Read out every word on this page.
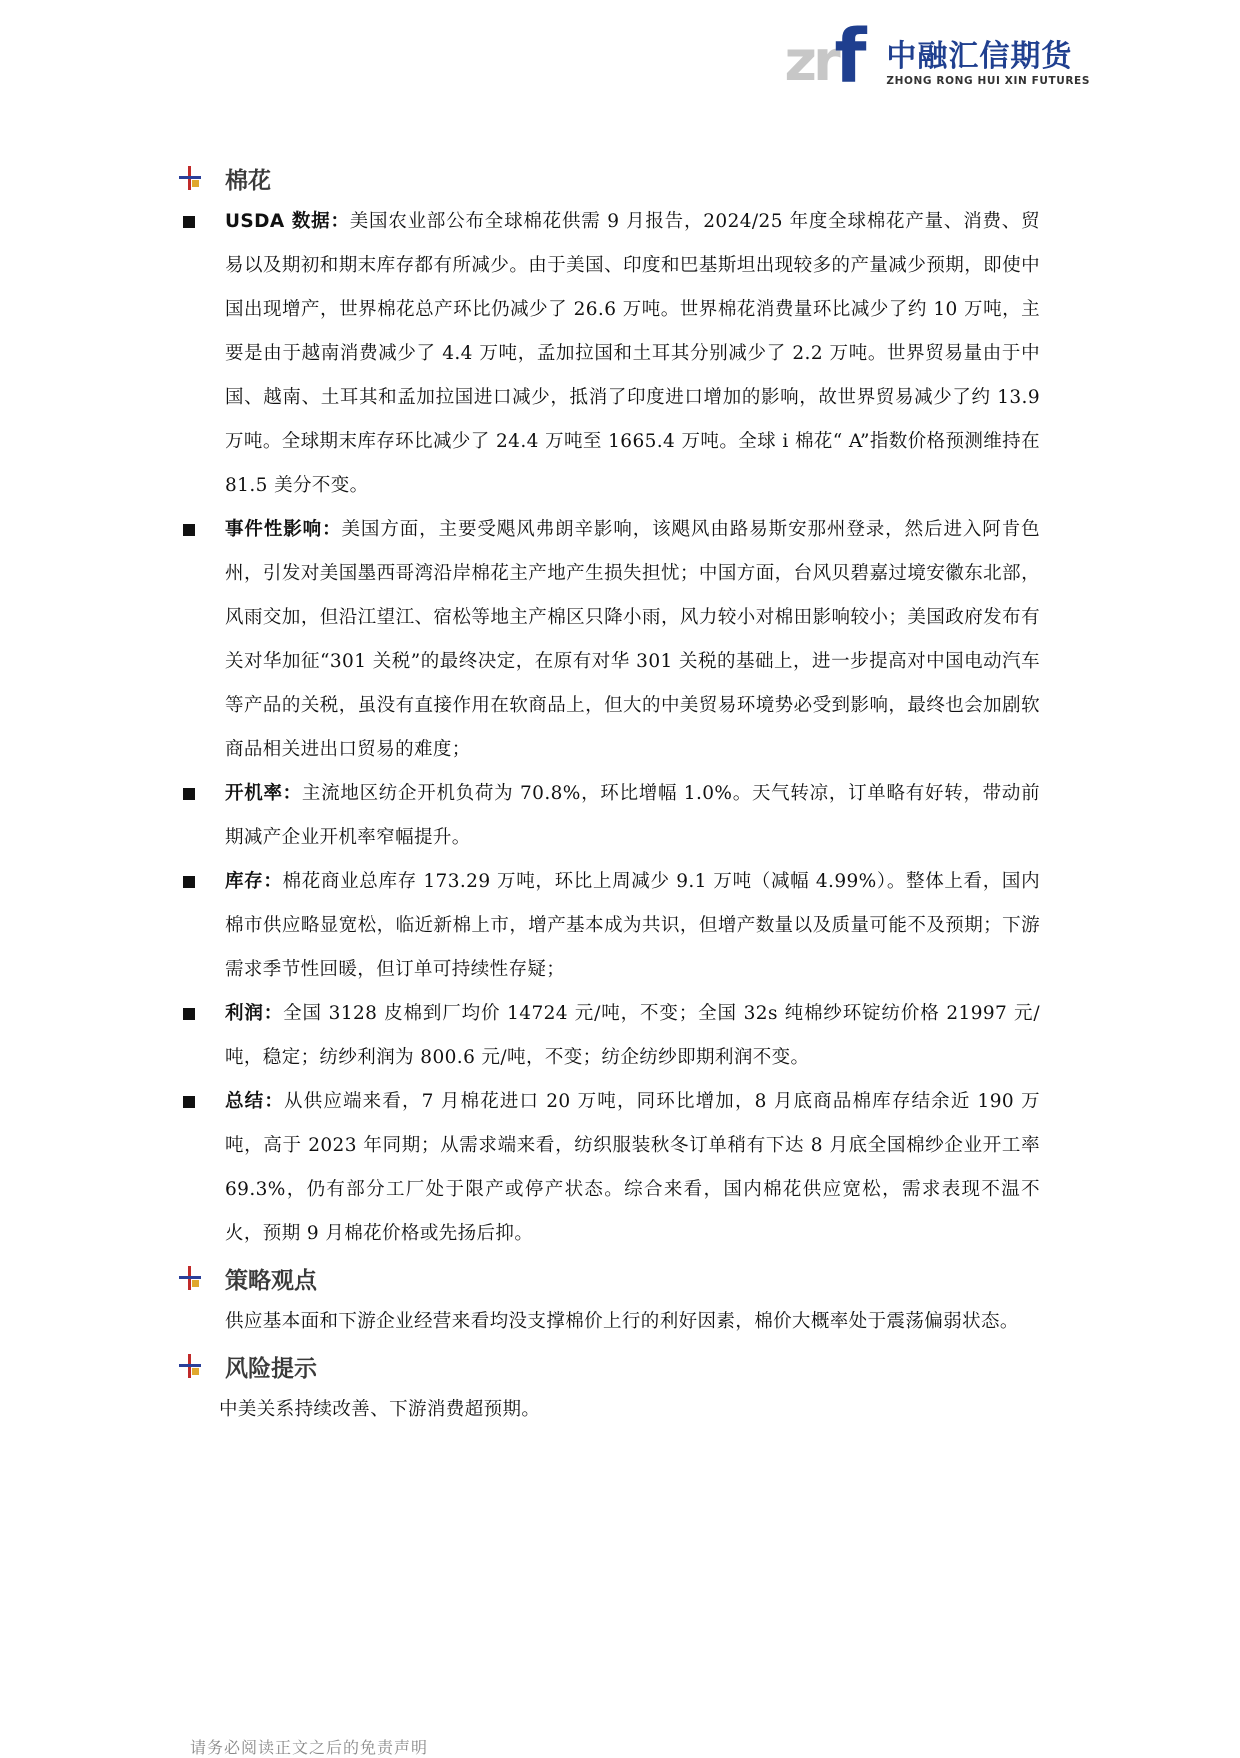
zr
f 中融汇信期货
ZHONG RONG HUI XIN FUTURES
棉花
USDA 数据：美国农业部公布全球棉花供需 9 月报告，2024/25 年度全球棉花产量、消费、贸易以及期初和期末库存都有所减少。由于美国、印度和巴基斯坦出现较多的产量减少预期，即使中国出现增产，世界棉花总产环比仍减少了 26.6 万吨。世界棉花消费量环比减少了约 10 万吨，主要是由于越南消费减少了 4.4 万吨，孟加拉国和土耳其分别减少了 2.2 万吨。世界贸易量由于中国、越南、土耳其和孟加拉国进口减少，抵消了印度进口增加的影响，故世界贸易减少了约 13.9 万吨。全球期末库存环比减少了 24.4 万吨至 1665.4 万吨。全球 i 棉花“ A”指数价格预测维持在 81.5 美分不变。
事件性影响：美国方面，主要受飓风弗朗辛影响，该飓风由路易斯安那州登录，然后进入阿肯色州，引发对美国墨西哥湾沿岸棉花主产地产生损失担忧；中国方面，台风贝碧嘉过境安徽东北部，风雨交加，但沿江望江、宿松等地主产棉区只降小雨，风力较小对棉田影响较小；美国政府发布有关对华加征“301 关税”的最终决定，在原有对华 301 关税的基础上，进一步提高对中国电动汽车等产品的关税，虽没有直接作用在软商品上，但大的中美贸易环境势必受到影响，最终也会加剧软商品相关进出口贸易的难度；
开机率：主流地区纺企开机负荷为 70.8%，环比增幅 1.0%。天气转凉，订单略有好转，带动前期减产企业开机率窄幅提升。
库存：棉花商业总库存 173.29 万吨，环比上周减少 9.1 万吨（减幅 4.99%）。整体上看，国内棉市供应略显宽松，临近新棉上市，增产基本成为共识，但增产数量以及质量可能不及预期；下游需求季节性回暖，但订单可持续性存疑；
利润：全国 3128 皮棉到厂均价 14724 元/吨，不变；全国 32s 纯棉纱环锭纺价格 21997 元/吨，稳定；纺纱利润为 800.6 元/吨，不变；纺企纺纱即期利润不变。
总结：从供应端来看，7 月棉花进口 20 万吨，同环比增加，8 月底商品棉库存结余近 190 万吨，高于 2023 年同期；从需求端来看，纺织服装秋冬订单稍有下达 8 月底全国棉纱企业开工率 69.3%，仍有部分工厂处于限产或停产状态。综合来看，国内棉花供应宽松，需求表现不温不火，预期 9 月棉花价格或先扬后抑。
策略观点
供应基本面和下游企业经营来看均没支撑棉价上行的利好因素，棉价大概率处于震荡偏弱状态。
风险提示
中美关系持续改善、下游消费超预期。
请务必阅读正文之后的免责声明
